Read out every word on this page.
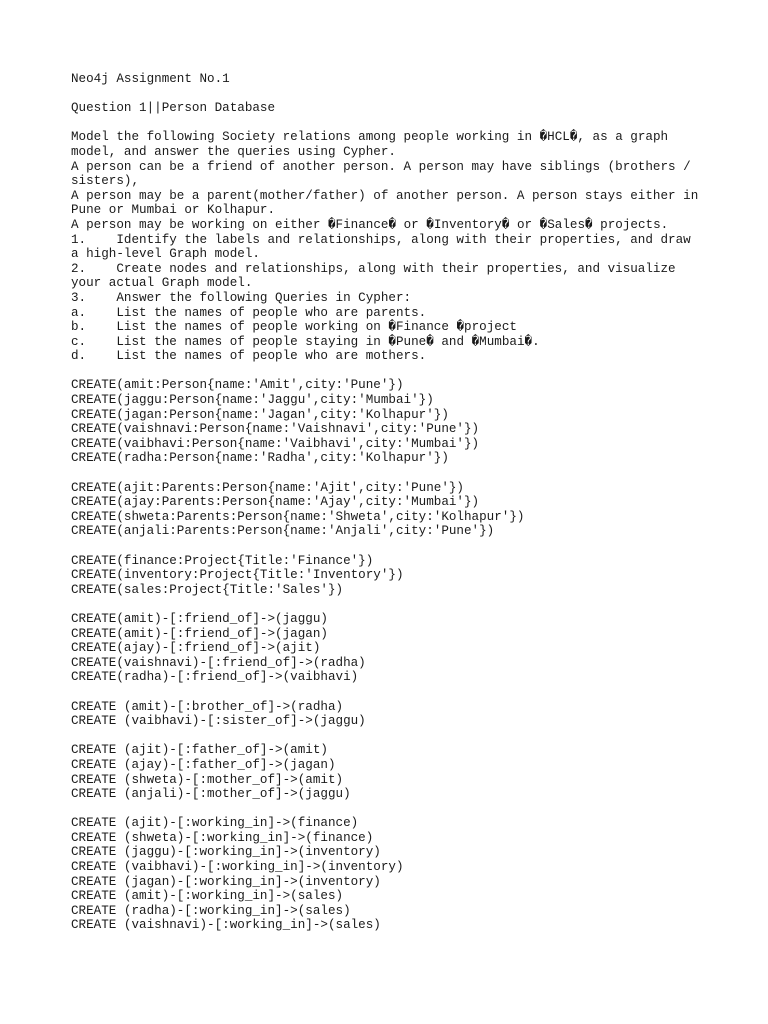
Neo4j Assignment No.1
Question 1||Person Database
Model the following Society relations among people working in �HCL�, as a graph
model, and answer the queries using Cypher.
A person can be a friend of another person. A person may have siblings (brothers /
sisters),
A person may be a parent(mother/father) of another person. A person stays either in
Pune or Mumbai or Kolhapur.
A person may be working on either �Finance� or �Inventory� or �Sales� projects.
1.    Identify the labels and relationships, along with their properties, and draw
a high-level Graph model.
2.    Create nodes and relationships, along with their properties, and visualize
your actual Graph model.
3.    Answer the following Queries in Cypher:
a.    List the names of people who are parents.
b.    List the names of people working on �Finance �project
c.    List the names of people staying in �Pune� and �Mumbai�.
d.    List the names of people who are mothers.
CREATE(amit:Person{name:'Amit',city:'Pune'})
CREATE(jaggu:Person{name:'Jaggu',city:'Mumbai'})
CREATE(jagan:Person{name:'Jagan',city:'Kolhapur'})
CREATE(vaishnavi:Person{name:'Vaishnavi',city:'Pune'})
CREATE(vaibhavi:Person{name:'Vaibhavi',city:'Mumbai'})
CREATE(radha:Person{name:'Radha',city:'Kolhapur'})
CREATE(ajit:Parents:Person{name:'Ajit',city:'Pune'})
CREATE(ajay:Parents:Person{name:'Ajay',city:'Mumbai'})
CREATE(shweta:Parents:Person{name:'Shweta',city:'Kolhapur'})
CREATE(anjali:Parents:Person{name:'Anjali',city:'Pune'})
CREATE(finance:Project{Title:'Finance'})
CREATE(inventory:Project{Title:'Inventory'})
CREATE(sales:Project{Title:'Sales'})
CREATE(amit)-[:friend_of]->(jaggu)
CREATE(amit)-[:friend_of]->(jagan)
CREATE(ajay)-[:friend_of]->(ajit)
CREATE(vaishnavi)-[:friend_of]->(radha)
CREATE(radha)-[:friend_of]->(vaibhavi)
CREATE (amit)-[:brother_of]->(radha)
CREATE (vaibhavi)-[:sister_of]->(jaggu)
CREATE (ajit)-[:father_of]->(amit)
CREATE (ajay)-[:father_of]->(jagan)
CREATE (shweta)-[:mother_of]->(amit)
CREATE (anjali)-[:mother_of]->(jaggu)
CREATE (ajit)-[:working_in]->(finance)
CREATE (shweta)-[:working_in]->(finance)
CREATE (jaggu)-[:working_in]->(inventory)
CREATE (vaibhavi)-[:working_in]->(inventory)
CREATE (jagan)-[:working_in]->(inventory)
CREATE (amit)-[:working_in]->(sales)
CREATE (radha)-[:working_in]->(sales)
CREATE (vaishnavi)-[:working_in]->(sales)
